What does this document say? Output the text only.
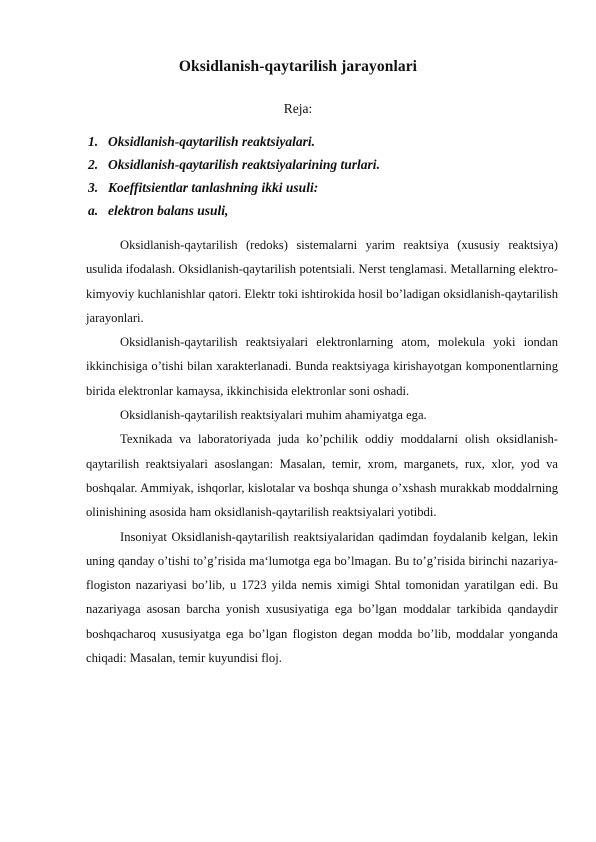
Oksidlanish-qaytarilish jarayonlari
Reja:
1. Oksidlanish-qaytarilish reaktsiyalari.
2. Oksidlanish-qaytarilish reaktsiyalarining turlari.
3. Koeffitsientlar tanlashning ikki usuli:
a. elektron balans usuli,

Oksidlanish-qaytarilish (redoks) sistemalarni yarim reaktsiya (xususiy reaktsiya) usulida ifodalash. Oksidlanish-qaytarilish potentsiali. Nerst tenglamasi. Metallarning elektro-kimyoviy kuchlanishlar qatori. Elektr toki ishtirokida hosil bo’ladigan oksidlanish-qaytarilish jarayonlari.

Oksidlanish-qaytarilish reaktsiyalari elektronlarning atom, molekula yoki iondan ikkinchisiga o’tishi bilan xarakterlanadi. Bunda reaktsiyaga kirishayotgan komponentlarning birida elektronlar kamaysa, ikkinchisida elektronlar soni oshadi.

Oksidlanish-qaytarilish reaktsiyalari muhim ahamiyatga ega.

Texnikada va laboratoriyada juda ko’pchilik oddiy moddalarni olish oksidlanish-qaytarilish reaktsiyalari asoslangan: Masalan, temir, xrom, marganets, rux, xlor, yod va boshqalar. Ammiyak, ishqorlar, kislotalar va boshqa shunga o’xshash murakkab moddalrning olinishining asosida ham oksidlanish-qaytarilish reaktsiyalari yotibdi.

Insoniyat Oksidlanish-qaytarilish reaktsiyalaridan qadimdan foydalanib kelgan, lekin uning qanday o’tishi to’g’risida ma‘lumotga ega bo’lmagan. Bu to’g’risida birinchi nazariya-flogiston nazariyasi bo’lib, u 1723 yilda nemis ximigi Shtal tomonidan yaratilgan edi. Bu nazariyaga asosan barcha yonish xususiyatiga ega bo’lgan moddalar tarkibida qandaydir boshqacharoq xususiyatga ega bo’lgan flogiston degan modda bo’lib, moddalar yonganda chiqadi: Masalan, temir kuyundisi floj.
